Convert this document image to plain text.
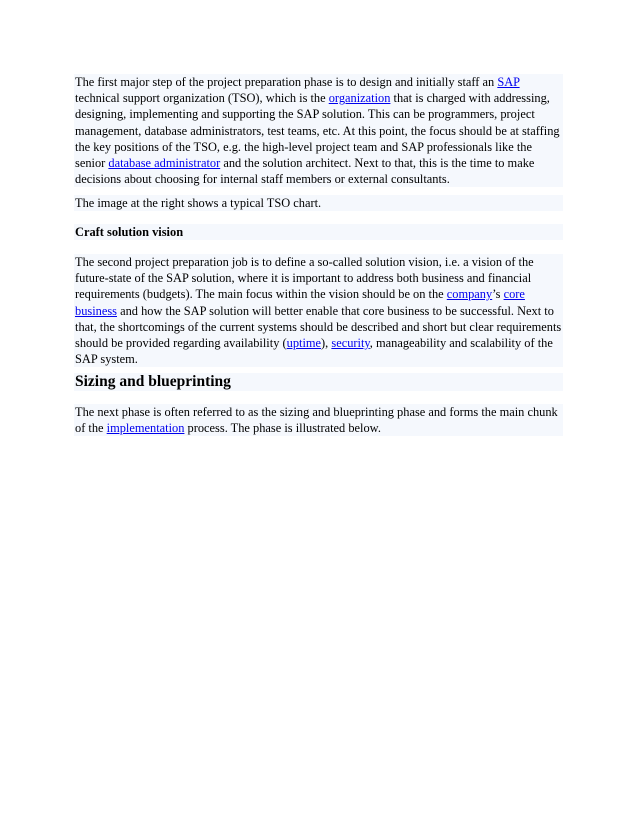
The first major step of the project preparation phase is to design and initially staff an SAP technical support organization (TSO), which is the organization that is charged with addressing, designing, implementing and supporting the SAP solution. This can be programmers, project management, database administrators, test teams, etc. At this point, the focus should be at staffing the key positions of the TSO, e.g. the high-level project team and SAP professionals like the senior database administrator and the solution architect. Next to that, this is the time to make decisions about choosing for internal staff members or external consultants.
The image at the right shows a typical TSO chart.
Craft solution vision
The second project preparation job is to define a so-called solution vision, i.e. a vision of the future-state of the SAP solution, where it is important to address both business and financial requirements (budgets). The main focus within the vision should be on the company’s core business and how the SAP solution will better enable that core business to be successful. Next to that, the shortcomings of the current systems should be described and short but clear requirements should be provided regarding availability (uptime), security, manageability and scalability of the SAP system.
Sizing and blueprinting
The next phase is often referred to as the sizing and blueprinting phase and forms the main chunk of the implementation process. The phase is illustrated below.
